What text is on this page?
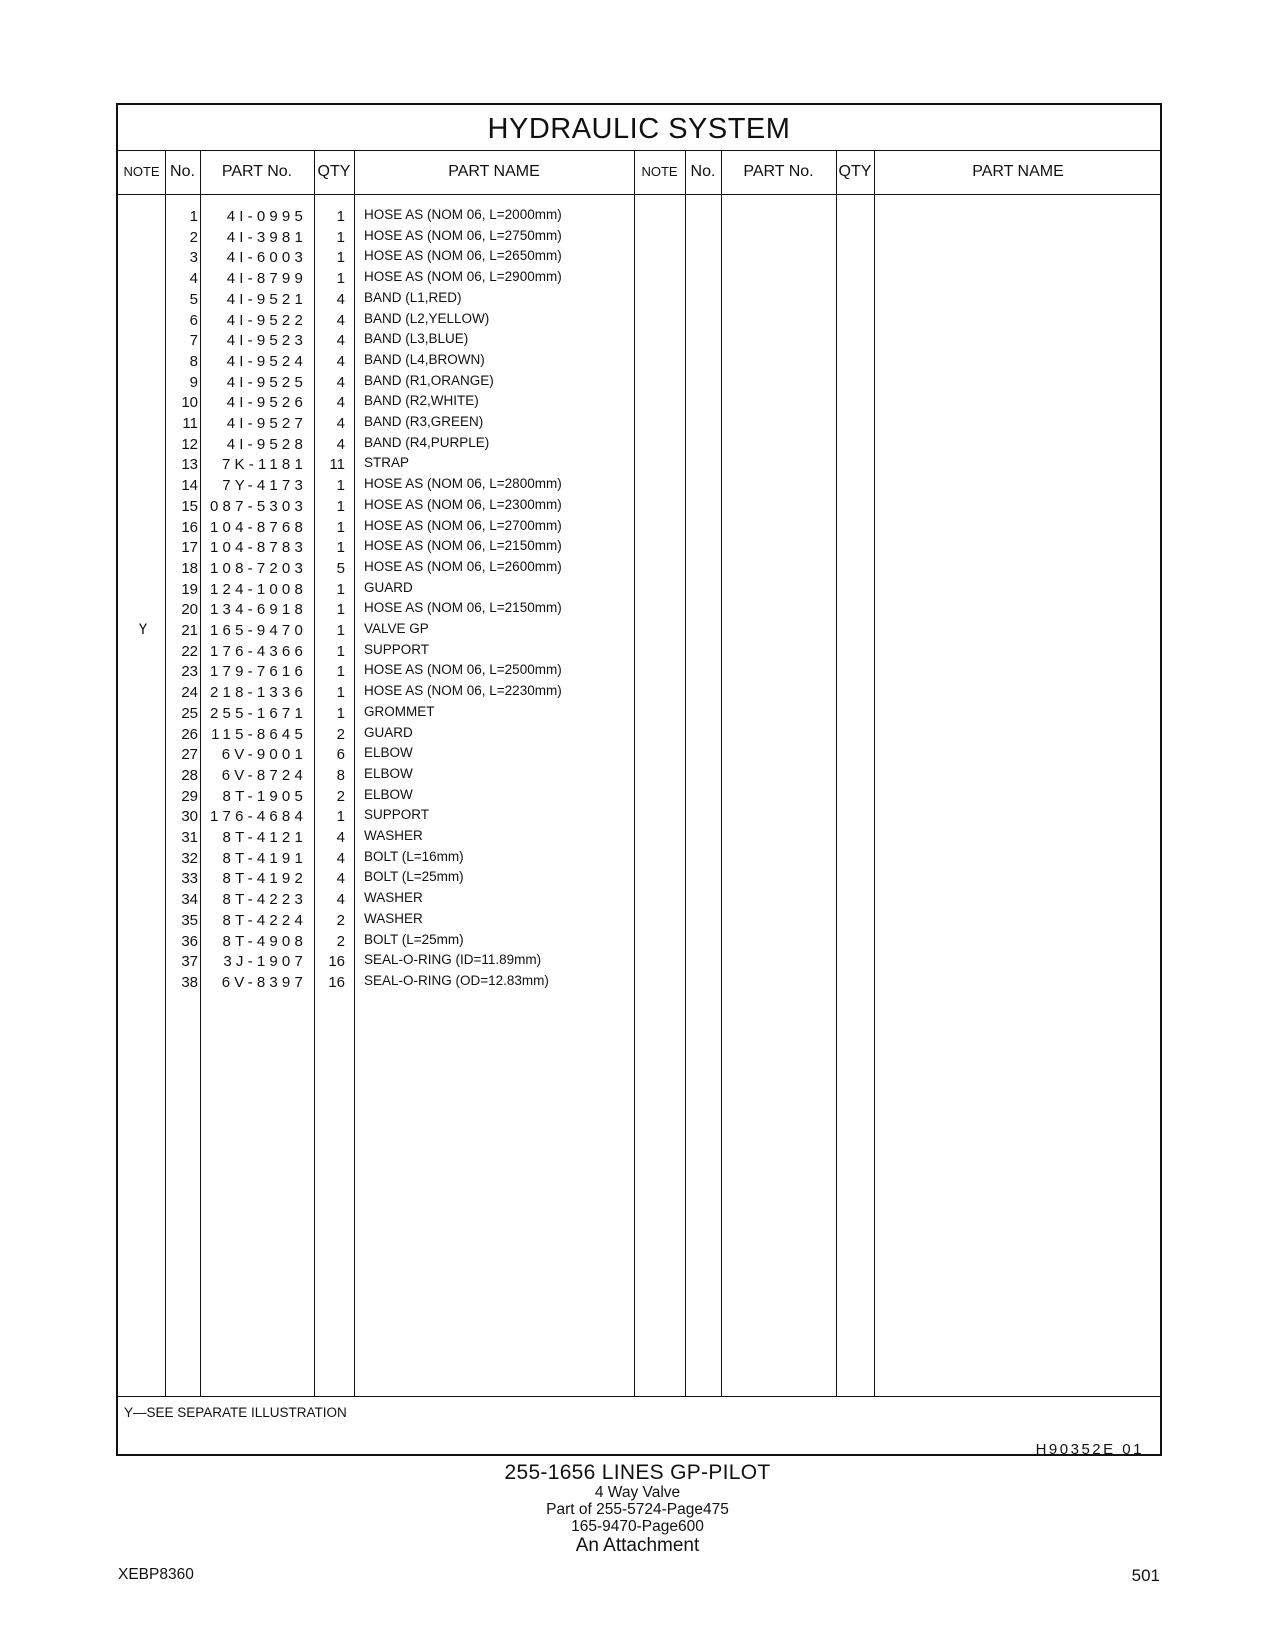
HYDRAULIC SYSTEM
NOTE No.	PART No.	QTY	PART NAME	NOTE No.	PART No.	QTY	PART NAME
1	4I-0995	1 HOSE AS (NOM 06, L=2000mm)
2	4I-3981	1 HOSE AS (NOM 06, L=2750mm)
3	4I-6003	1 HOSE AS (NOM 06, L=2650mm)
4	4I-8799	1 HOSE AS (NOM 06, L=2900mm)
5	4I-9521	4 BAND (L1,RED)
6	4I-9522	4 BAND (L2,YELLOW)
7	4I-9523	4 BAND (L3,BLUE)
8	4I-9524	4 BAND (L4,BROWN)
9	4I-9525	4 BAND (R1,ORANGE)
10	4I-9526	4 BAND (R2,WHITE)
11	4I-9527	4 BAND (R3,GREEN)
12	4I-9528	4 BAND (R4,PURPLE)
13	7K-1181	11 STRAP
14	7Y-4173	1 HOSE AS (NOM 06, L=2800mm)
15 087-5303	1 HOSE AS (NOM 06, L=2300mm)
16 104-8768	1 HOSE AS (NOM 06, L=2700mm)
17 104-8783	1 HOSE AS (NOM 06, L=2150mm)
18 108-7203	5 HOSE AS (NOM 06, L=2600mm)
19 124-1008	1 GUARD
20 134-6918	1 HOSE AS (NOM 06, L=2150mm)
Y	21 165-9470	1 VALVE GP
22 176-4366	1 SUPPORT
23 179-7616	1 HOSE AS (NOM 06, L=2500mm)
24 218-1336	1 HOSE AS (NOM 06, L=2230mm)
25 255-1671	1 GROMMET
26 115-8645	2 GUARD
27	6V-9001	6 ELBOW
28	6V-8724	8 ELBOW
29	8T-1905	2 ELBOW
30 176-4684	1 SUPPORT
31	8T-4121	4 WASHER
32	8T-4191	4 BOLT (L=16mm)
33	8T-4192	4 BOLT (L=25mm)
34	8T-4223	4 WASHER
35	8T-4224	2 WASHER
36	8T-4908	2 BOLT (L=25mm)
37	3J-1907	16 SEAL-O-RING (ID=11.89mm)
38	6V-8397	16 SEAL-O-RING (OD=12.83mm)
Y—SEE SEPARATE ILLUSTRATION
H90352E 01
255-1656 LINES GP-PILOT
4 Way Valve
Part of 255-5724-Page475
165-9470-Page600
An Attachment
XEBP8360	501
